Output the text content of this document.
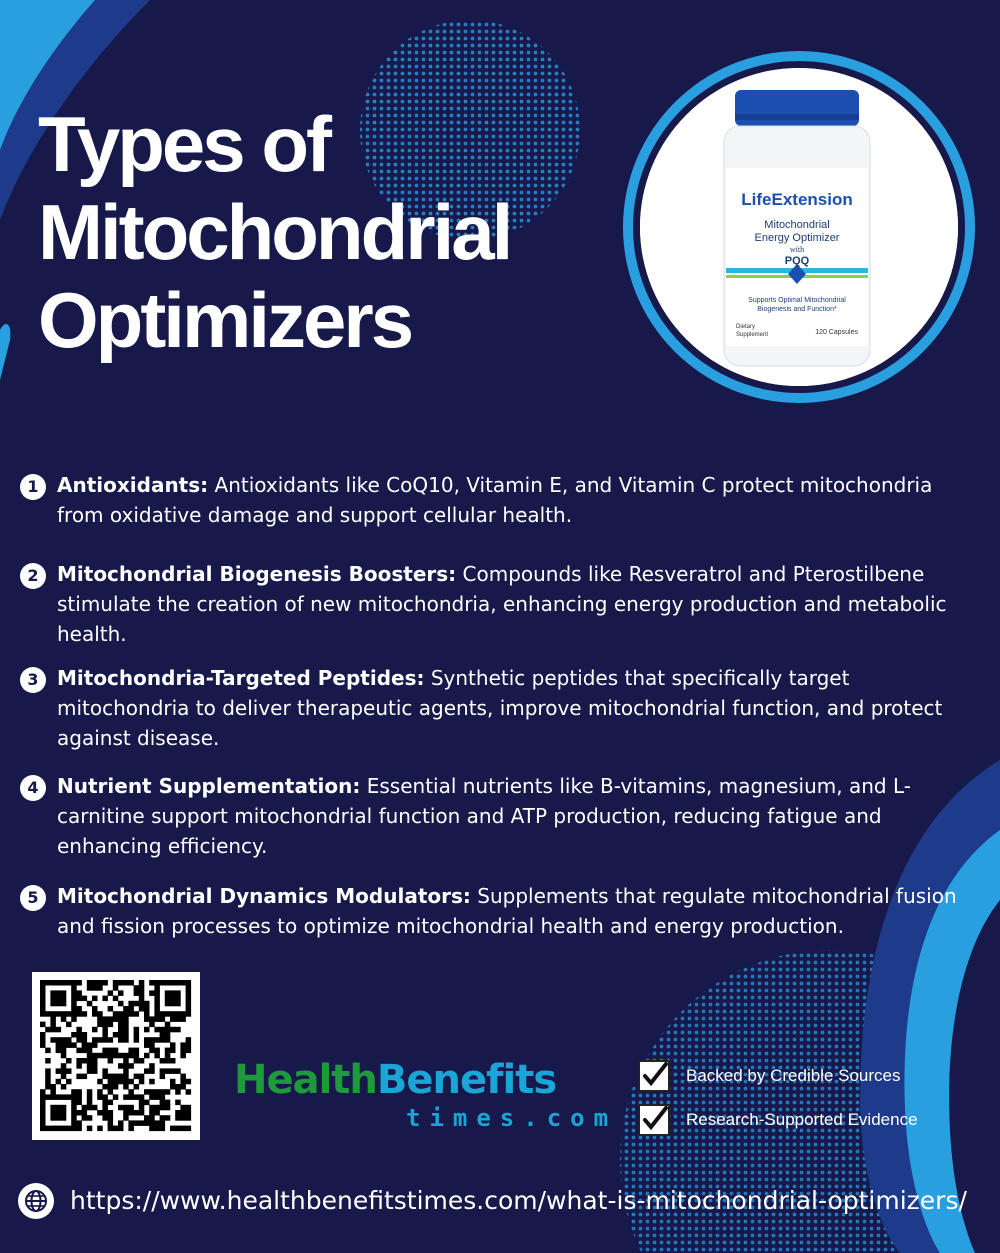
Types of
Mitochondrial
Optimizers
LifeExtension
Mitochondrial
Energy Optimizer
with
PQQ
Supports Optimal Mitochondrial
Biogenesis and Function*
Dietary
Supplement	120 Capsules
1 Antioxidants: Antioxidants like CoQ10, Vitamin E, and Vitamin C protect mitochondria from oxidative damage and support cellular health.
2 Mitochondrial Biogenesis Boosters: Compounds like Resveratrol and Pterostilbene stimulate the creation of new mitochondria, enhancing energy production and metabolic health.
3 Mitochondria-Targeted Peptides: Synthetic peptides that specifically target mitochondria to deliver therapeutic agents, improve mitochondrial function, and protect against disease.
4 Nutrient Supplementation: Essential nutrients like B-vitamins, magnesium, and L-carnitine support mitochondrial function and ATP production, reducing fatigue and enhancing efficiency.
5 Mitochondrial Dynamics Modulators: Supplements that regulate mitochondrial fusion and fission processes to optimize mitochondrial health and energy production.
HealthBenefits
times.com
Backed by Credible Sources
Research-Supported Evidence
https://www.healthbenefitstimes.com/what-is-mitochondrial-optimizers/
